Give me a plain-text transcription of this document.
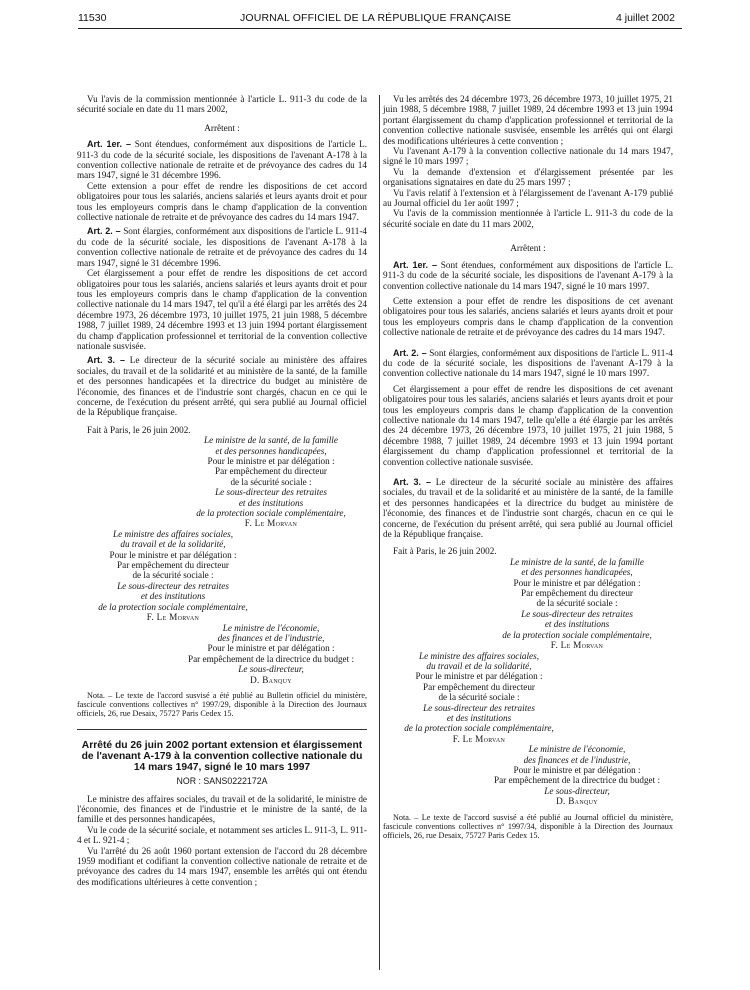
11530	JOURNAL OFFICIEL DE LA RÉPUBLIQUE FRANÇAISE	4 juillet 2002

Vu l'avis de la commission mentionnée à l'article L. 911-3 du code de la sécurité sociale en date du 11 mars 2002,

Arrêtent :

Art. 1er. – Sont étendues, conformément aux dispositions de l'article L. 911-3 du code de la sécurité sociale, les dispositions de l'avenant A-178 à la convention collective nationale de retraite et de prévoyance des cadres du 14 mars 1947, signé le 31 décembre 1996.

Cette extension a pour effet de rendre les dispositions de cet accord obligatoires pour tous les salariés, anciens salariés et leurs ayants droit et pour tous les employeurs compris dans le champ d'application de la convention collective nationale de retraite et de prévoyance des cadres du 14 mars 1947.

Art. 2. – Sont élargies, conformément aux dispositions de l'article L. 911-4 du code de la sécurité sociale, les dispositions de l'avenant A-178 à la convention collective nationale de retraite et de prévoyance des cadres du 14 mars 1947, signé le 31 décembre 1996.

Cet élargissement a pour effet de rendre les dispositions de cet accord obligatoires pour tous les salariés, anciens salariés et leurs ayants droit et pour tous les employeurs compris dans le champ d'application de la convention collective nationale du 14 mars 1947, tel qu'il a été élargi par les arrêtés des 24 décembre 1973, 26 décembre 1973, 10 juillet 1975, 21 juin 1988, 5 décembre 1988, 7 juillet 1989, 24 décembre 1993 et 13 juin 1994 portant élargissement du champ d'application professionnel et territorial de la convention collective nationale susvisée.

Art. 3. – Le directeur de la sécurité sociale au ministère des affaires sociales, du travail et de la solidarité et au ministère de la santé, de la famille et des personnes handicapées et la directrice du budget au ministère de l'économie, des finances et de l'industrie sont chargés, chacun en ce qui le concerne, de l'exécution du présent arrêté, qui sera publié au Journal officiel de la République française.

Fait à Paris, le 26 juin 2002.

Le ministre de la santé, de la famille
et des personnes handicapées,
Pour le ministre et par délégation :
Par empêchement du directeur
de la sécurité sociale :
Le sous-directeur des retraites
et des institutions
de la protection sociale complémentaire,
F. Le Morvan
Le ministre des affaires sociales,
du travail et de la solidarité,
Pour le ministre et par délégation :
Par empêchement du directeur
de la sécurité sociale :
Le sous-directeur des retraites
et des institutions
de la protection sociale complémentaire,
F. Le Morvan
Le ministre de l'économie,
des finances et de l'industrie,
Pour le ministre et par délégation :
Par empêchement de la directrice du budget :
Le sous-directeur,
D. Banquy

Nota. – Le texte de l'accord susvisé a été publié au Bulletin officiel du ministère, fascicule conventions collectives n° 1997/29, disponible à la Direction des Journaux officiels, 26, rue Desaix, 75727 Paris Cedex 15.

Arrêté du 26 juin 2002 portant extension et élargissement de l'avenant A-179 à la convention collective nationale du 14 mars 1947, signé le 10 mars 1997

NOR : SANS0222172A

Le ministre des affaires sociales, du travail et de la solidarité, le ministre de l'économie, des finances et de l'industrie et le ministre de la santé, de la famille et des personnes handicapées,

Vu le code de la sécurité sociale, et notamment ses articles L. 911-3, L. 911-4 et L. 921-4 ;

Vu l'arrêté du 26 août 1960 portant extension de l'accord du 28 décembre 1959 modifiant et codifiant la convention collective nationale de retraite et de prévoyance des cadres du 14 mars 1947, ensemble les arrêtés qui ont étendu des modifications ultérieures à cette convention ;

Vu les arrêtés des 24 décembre 1973, 26 décembre 1973, 10 juillet 1975, 21 juin 1988, 5 décembre 1988, 7 juillet 1989, 24 décembre 1993 et 13 juin 1994 portant élargissement du champ d'application professionnel et territorial de la convention collective nationale susvisée, ensemble les arrêtés qui ont élargi des modifications ultérieures à cette convention ;

Vu l'avenant A-179 à la convention collective nationale du 14 mars 1947, signé le 10 mars 1997 ;

Vu la demande d'extension et d'élargissement présentée par les organisations signataires en date du 25 mars 1997 ;

Vu l'avis relatif à l'extension et à l'élargissement de l'avenant A-179 publié au Journal officiel du 1er août 1997 ;

Vu l'avis de la commission mentionnée à l'article L. 911-3 du code de la sécurité sociale en date du 11 mars 2002,

Arrêtent :

Art. 1er. – Sont étendues, conformément aux dispositions de l'article L. 911-3 du code de la sécurité sociale, les dispositions de l'avenant A-179 à la convention collective nationale du 14 mars 1947, signé le 10 mars 1997.

Cette extension a pour effet de rendre les dispositions de cet avenant obligatoires pour tous les salariés, anciens salariés et leurs ayants droit et pour tous les employeurs compris dans le champ d'application de la convention collective nationale de retraite et de prévoyance des cadres du 14 mars 1947.

Art. 2. – Sont élargies, conformément aux dispositions de l'article L. 911-4 du code de la sécurité sociale, les dispositions de l'avenant A-179 à la convention collective nationale du 14 mars 1947, signé le 10 mars 1997.

Cet élargissement a pour effet de rendre les dispositions de cet avenant obligatoires pour tous les salariés, anciens salariés et leurs ayants droit et pour tous les employeurs compris dans le champ d'application de la convention collective nationale du 14 mars 1947, telle qu'elle a été élargie par les arrêtés des 24 décembre 1973, 26 décembre 1973, 10 juillet 1975, 21 juin 1988, 5 décembre 1988, 7 juillet 1989, 24 décembre 1993 et 13 juin 1994 portant élargissement du champ d'application professionnel et territorial de la convention collective nationale susvisée.

Art. 3. – Le directeur de la sécurité sociale au ministère des affaires sociales, du travail et de la solidarité et au ministère de la santé, de la famille et des personnes handicapées et la directrice du budget au ministère de l'économie, des finances et de l'industrie sont chargés, chacun en ce qui le concerne, de l'exécution du présent arrêté, qui sera publié au Journal officiel de la République française.

Fait à Paris, le 26 juin 2002.

Le ministre de la santé, de la famille
et des personnes handicapées,
Pour le ministre et par délégation :
Par empêchement du directeur
de la sécurité sociale :
Le sous-directeur des retraites
et des institutions
de la protection sociale complémentaire,
F. Le Morvan
Le ministre des affaires sociales,
du travail et de la solidarité,
Pour le ministre et par délégation :
Par empêchement du directeur
de la sécurité sociale :
Le sous-directeur des retraites
et des institutions
de la protection sociale complémentaire,
F. Le Morvan
Le ministre de l'économie,
des finances et de l'industrie,
Pour le ministre et par délégation :
Par empêchement de la directrice du budget :
Le sous-directeur,
D. Banquy

Nota. – Le texte de l'accord susvisé a été publié au Journal officiel du ministère, fascicule conventions collectives n° 1997/34, disponible à la Direction des Journaux officiels, 26, rue Desaix, 75727 Paris Cedex 15.
